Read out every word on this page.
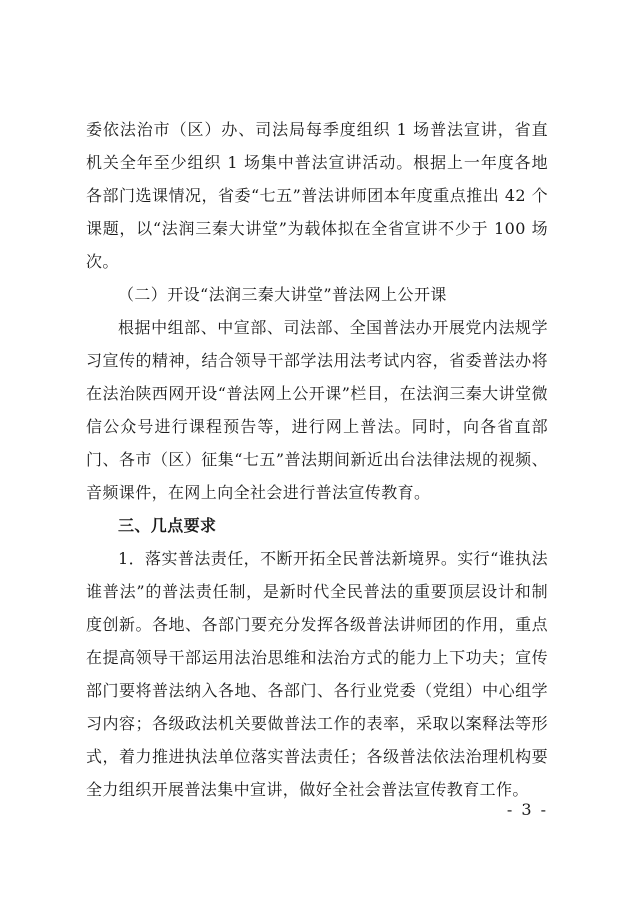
委依法治市（区）办、司法局每季度组织 1 场普法宣讲，省直机关全年至少组织 1 场集中普法宣讲活动。根据上一年度各地各部门选课情况，省委“七五”普法讲师团本年度重点推出 42 个课题，以“法润三秦大讲堂”为载体拟在全省宣讲不少于 100 场次。

（二）开设“法润三秦大讲堂”普法网上公开课

根据中组部、中宣部、司法部、全国普法办开展党内法规学习宣传的精神，结合领导干部学法用法考试内容，省委普法办将在法治陕西网开设“普法网上公开课”栏目，在法润三秦大讲堂微信公众号进行课程预告等，进行网上普法。同时，向各省直部门、各市（区）征集“七五”普法期间新近出台法律法规的视频、音频课件，在网上向全社会进行普法宣传教育。

三、几点要求

1．落实普法责任，不断开拓全民普法新境界。实行“谁执法谁普法”的普法责任制，是新时代全民普法的重要顶层设计和制度创新。各地、各部门要充分发挥各级普法讲师团的作用，重点在提高领导干部运用法治思维和法治方式的能力上下功夫；宣传部门要将普法纳入各地、各部门、各行业党委（党组）中心组学习内容；各级政法机关要做普法工作的表率，采取以案释法等形式，着力推进执法单位落实普法责任；各级普法依法治理机构要全力组织开展普法集中宣讲，做好全社会普法宣传教育工作。

- 3 -
